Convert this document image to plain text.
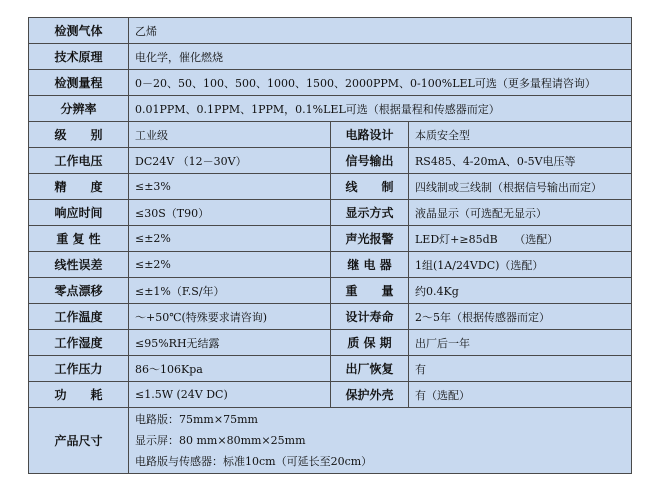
检测气体	乙烯		
技术原理	电化学，催化燃烧		
检测量程	0－20、50、100、500、1000、1500、2000PPM、0-100%LEL可选（更多量程请咨询）		
分辨率	0.01PPM、0.1PPM、1PPM，0.1%LEL可选（根据量程和传感器而定）		
级　　别	工业级	电路设计	本质安全型
工作电压	DC24V （12－30V）	信号输出	RS485、4-20mA、0-5V电压等
精　　度	≤±3%	线　　制	四线制或三线制（根据信号输出而定）
响应时间	≤30S（T90）	显示方式	液晶显示（可选配无显示）
重 复 性	≤±2%	声光报警	LED灯+≥85dB　　（选配）
线性误差	≤±2%	继 电 器	1组(1A/24VDC)（选配）
零点漂移	≤±1%（F.S/年）	重　　量	约0.4Kg
工作温度	～+50℃(特殊要求请咨询)	设计寿命	2～5年（根据传感器而定）
工作湿度	≤95%RH无结露	质 保 期	出厂后一年
工作压力	86～106Kpa	出厂恢复	有
功　　耗	≤1.5W (24V DC)	保护外壳	有（选配）
产品尺寸	电路版：75mm×75mm
显示屏：80 mm×80mm×25mm
电路版与传感器：标准10cm（可延长至20cm）		
